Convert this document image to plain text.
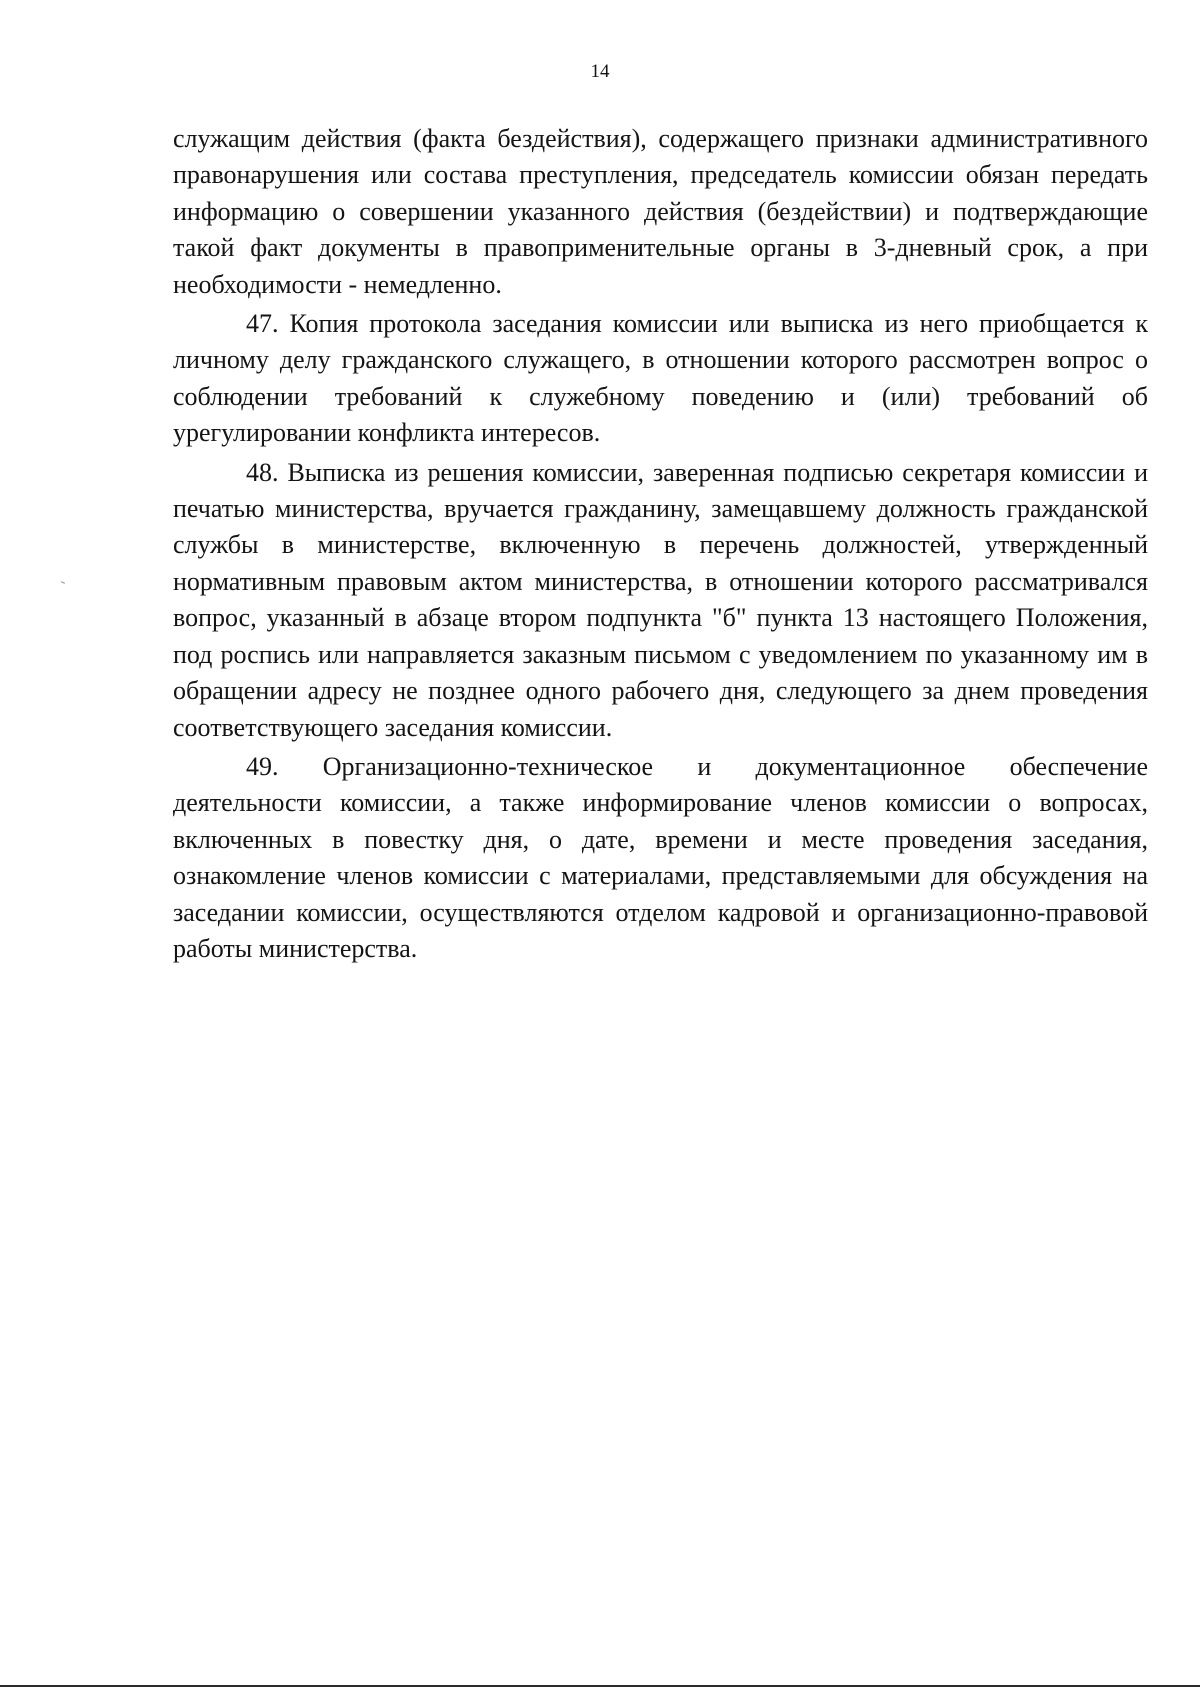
14

служащим действия (факта бездействия), содержащего признаки административного правонарушения или состава преступления, председатель комиссии обязан передать информацию о совершении указанного действия (бездействии) и подтверждающие такой факт документы в правоприменительные органы в 3-дневный срок, а при необходимости - немедленно.

47. Копия протокола заседания комиссии или выписка из него приобщается к личному делу гражданского служащего, в отношении которого рассмотрен вопрос о соблюдении требований к служебному поведению и (или) требований об урегулировании конфликта интересов.

48. Выписка из решения комиссии, заверенная подписью секретаря комиссии и печатью министерства, вручается гражданину, замещавшему должность гражданской службы в министерстве, включенную в перечень должностей, утвержденный нормативным правовым актом министерства, в отношении которого рассматривался вопрос, указанный в абзаце втором подпункта "б" пункта 13 настоящего Положения, под роспись или направляется заказным письмом с уведомлением по указанному им в обращении адресу не позднее одного рабочего дня, следующего за днем проведения соответствующего заседания комиссии.

49. Организационно-техническое и документационное обеспечение деятельности комиссии, а также информирование членов комиссии о вопросах, включенных в повестку дня, о дате, времени и месте проведения заседания, ознакомление членов комиссии с материалами, представляемыми для обсуждения на заседании комиссии, осуществляются отделом кадровой и организационно-правовой работы министерства.
